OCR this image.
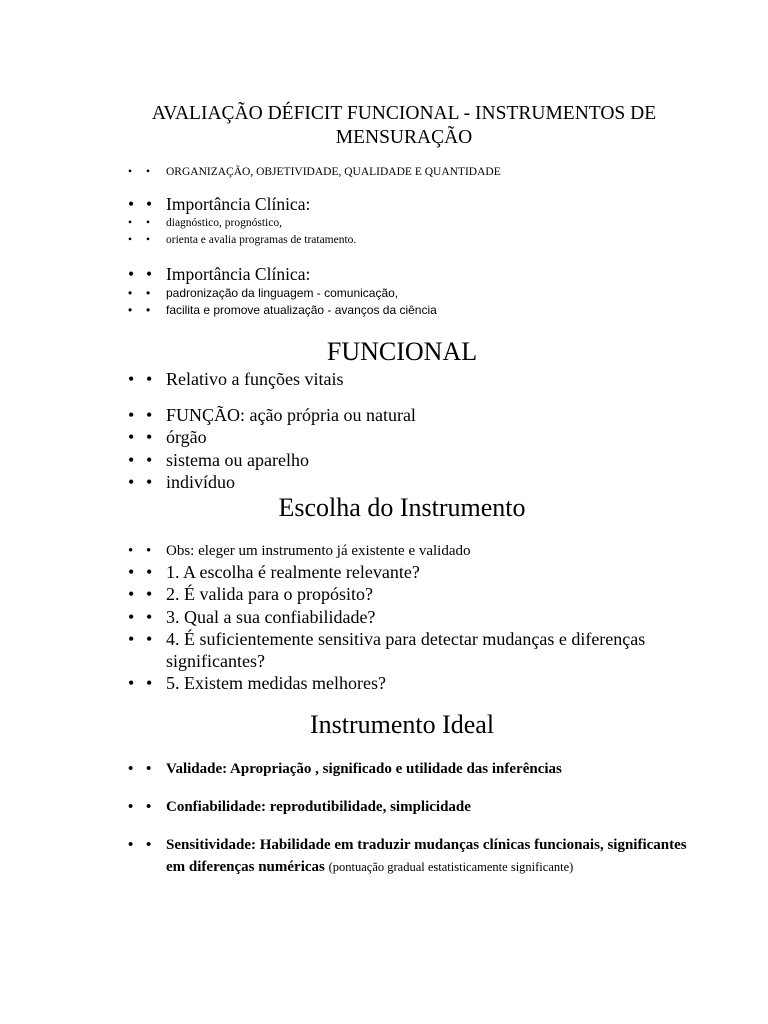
AVALIAÇÃO DÉFICIT FUNCIONAL - INSTRUMENTOS DE MENSURAÇÃO
• • ORGANIZAÇÃO, OBJETIVIDADE, QUALIDADE E QUANTIDADE
• • Importância Clínica:
• • diagnóstico, prognóstico,
• • orienta e avalia programas de tratamento.
• • Importância Clínica:
• • padronização da linguagem - comunicação,
• • facilita e promove atualização - avanços da ciência
FUNCIONAL
• • Relativo a funções vitais
• • FUNÇÃO: ação própria ou natural
• • órgão
• • sistema ou aparelho
• • indivíduo
Escolha do Instrumento
• • Obs: eleger um instrumento já existente e validado
• • 1. A escolha é realmente relevante?
• • 2. É valida para o propósito?
• • 3. Qual a sua confiabilidade?
• • 4. É suficientemente sensitiva para detectar mudanças e diferenças significantes?
• • 5. Existem medidas melhores?
Instrumento Ideal
• • Validade: Apropriação , significado e utilidade das inferências
• • Confiabilidade: reprodutibilidade, simplicidade
• • Sensitividade: Habilidade em traduzir mudanças clínicas funcionais, significantes em diferenças numéricas (pontuação gradual estatisticamente significante)
